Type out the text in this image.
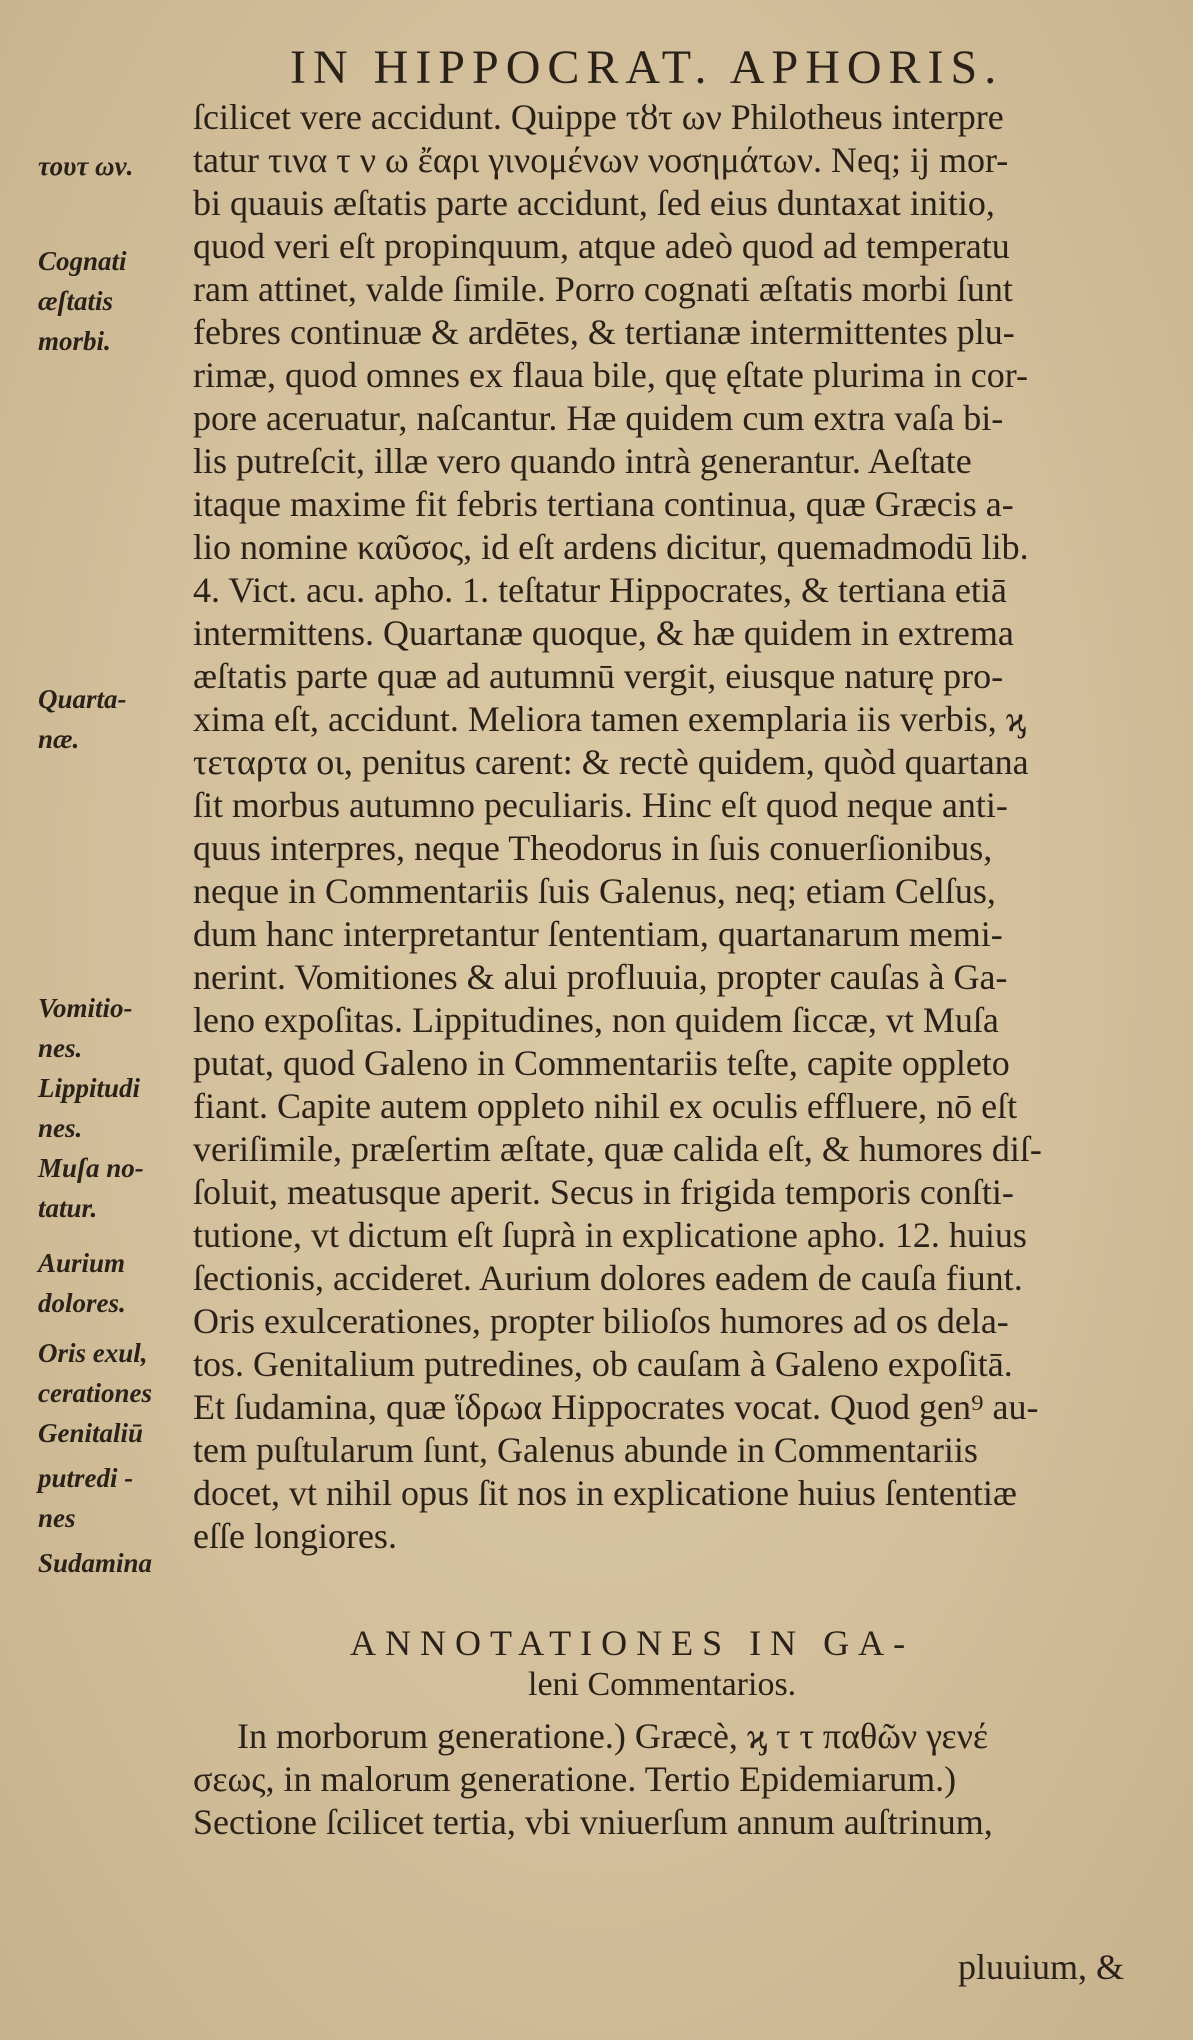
IN HIPPOCRAT. APHORIS.
ſcilicet vere accidunt. Quippe τȣτ ων Philotheus interpre
tatur τινα τ ν ω ἔαρι γινομένων νοσημάτων. Neq; ij mor-
bi quauis æſtatis parte accidunt, ſed eius duntaxat initio,
quod veri eſt propinquum, atque adeò quod ad temperatu
ram attinet, valde ſimile. Porro cognati æſtatis morbi ſunt
febres continuæ & ardētes, & tertianæ intermittentes plu-
rimæ, quod omnes ex flaua bile, quę ęſtate plurima in cor-
pore aceruatur, naſcantur. Hæ quidem cum extra vaſa bi-
lis putreſcit, illæ vero quando intrà generantur. Aeſtate
itaque maxime fit febris tertiana continua, quæ Græcis a-
lio nomine καῦσος, id eſt ardens dicitur, quemadmodū lib.
4. Vict. acu. apho. 1. teſtatur Hippocrates, & tertiana etiā
intermittens. Quartanæ quoque, & hæ quidem in extrema
æſtatis parte quæ ad autumnū vergit, eiusque naturę pro-
xima eſt, accidunt. Meliora tamen exemplaria iis verbis, ϗ
τεταρτα οι, penitus carent: & rectè quidem, quòd quartana
ſit morbus autumno peculiaris. Hinc eſt quod neque anti-
quus interpres, neque Theodorus in ſuis conuerſionibus,
neque in Commentariis ſuis Galenus, neq; etiam Celſus,
dum hanc interpretantur ſententiam, quartanarum memi-
nerint. Vomitiones & alui profluuia, propter cauſas à Ga-
leno expoſitas. Lippitudines, non quidem ſiccæ, vt Muſa
putat, quod Galeno in Commentariis teſte, capite oppleto
fiant. Capite autem oppleto nihil ex oculis effluere, nō eſt
veriſimile, præſertim æſtate, quæ calida eſt, & humores diſ-
ſoluit, meatusque aperit. Secus in frigida temporis conſti-
tutione, vt dictum eſt ſuprà in explicatione apho. 12. huius
ſectionis, accideret. Aurium dolores eadem de cauſa fiunt.
Oris exulcerationes, propter bilioſos humores ad os dela-
tos. Genitalium putredines, ob cauſam à Galeno expoſitā.
Et ſudamina, quæ ἵδρωα Hippocrates vocat. Quod gen⁹ au-
tem puſtularum ſunt, Galenus abunde in Commentariis
docet, vt nihil opus ſit nos in explicatione huius ſententiæ
eſſe longiores.
τουτ ων.
Cognati
æſtatis
morbi.
Quarta-
næ.
Vomitio-
nes.
Lippitudi
nes.
Muſa no-
tatur.
Aurium
dolores.
Oris exul,
cerationes
Genitaliū
putredi -
nes
Sudamina
ANNOTATIONES IN GA-
leni Commentarios.
In morborum generatione.) Græcè, ϗ τ τ παθῶν γενέ
σεως, in malorum generatione. Tertio Epidemiarum.)
Sectione ſcilicet tertia, vbi vniuerſum annum auſtrinum,
pluuium, &
